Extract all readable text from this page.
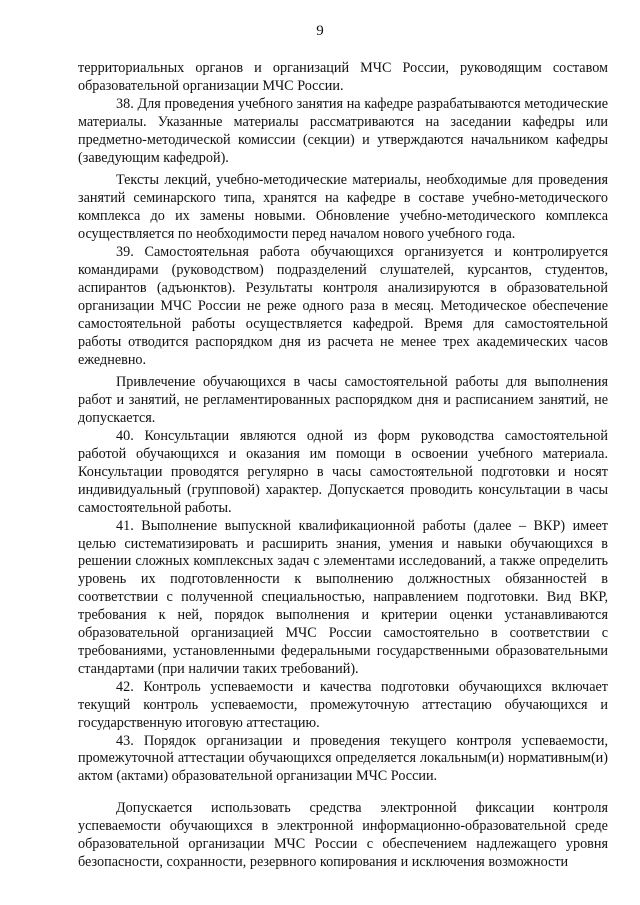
9

территориальных органов и организаций МЧС России, руководящим составом образовательной организации МЧС России.

38. Для проведения учебного занятия на кафедре разрабатываются методические материалы. Указанные материалы рассматриваются на заседании кафедры или предметно-методической комиссии (секции) и утверждаются начальником кафедры (заведующим кафедрой).

Тексты лекций, учебно-методические материалы, необходимые для проведения занятий семинарского типа, хранятся на кафедре в составе учебно-методического комплекса до их замены новыми. Обновление учебно-методического комплекса осуществляется по необходимости перед началом нового учебного года.

39. Самостоятельная работа обучающихся организуется и контролируется командирами (руководством) подразделений слушателей, курсантов, студентов, аспирантов (адъюнктов). Результаты контроля анализируются в образовательной организации МЧС России не реже одного раза в месяц. Методическое обеспечение самостоятельной работы осуществляется кафедрой. Время для самостоятельной работы отводится распорядком дня из расчета не менее трех академических часов ежедневно.

Привлечение обучающихся в часы самостоятельной работы для выполнения работ и занятий, не регламентированных распорядком дня и расписанием занятий, не допускается.

40. Консультации являются одной из форм руководства самостоятельной работой обучающихся и оказания им помощи в освоении учебного материала. Консультации проводятся регулярно в часы самостоятельной подготовки и носят индивидуальный (групповой) характер. Допускается проводить консультации в часы самостоятельной работы.

41. Выполнение выпускной квалификационной работы (далее – ВКР) имеет целью систематизировать и расширить знания, умения и навыки обучающихся в решении сложных комплексных задач с элементами исследований, а также определить уровень их подготовленности к выполнению должностных обязанностей в соответствии с полученной специальностью, направлением подготовки. Вид ВКР, требования к ней, порядок выполнения и критерии оценки устанавливаются образовательной организацией МЧС России самостоятельно в соответствии с требованиями, установленными федеральными государственными образовательными стандартами (при наличии таких требований).

42. Контроль успеваемости и качества подготовки обучающихся включает текущий контроль успеваемости, промежуточную аттестацию обучающихся и государственную итоговую аттестацию.

43. Порядок организации и проведения текущего контроля успеваемости, промежуточной аттестации обучающихся определяется локальным(и) нормативным(и) актом (актами) образовательной организации МЧС России.

Допускается использовать средства электронной фиксации контроля успеваемости обучающихся в электронной информационно-образовательной среде образовательной организации МЧС России с обеспечением надлежащего уровня безопасности, сохранности, резервного копирования и исключения возможности
